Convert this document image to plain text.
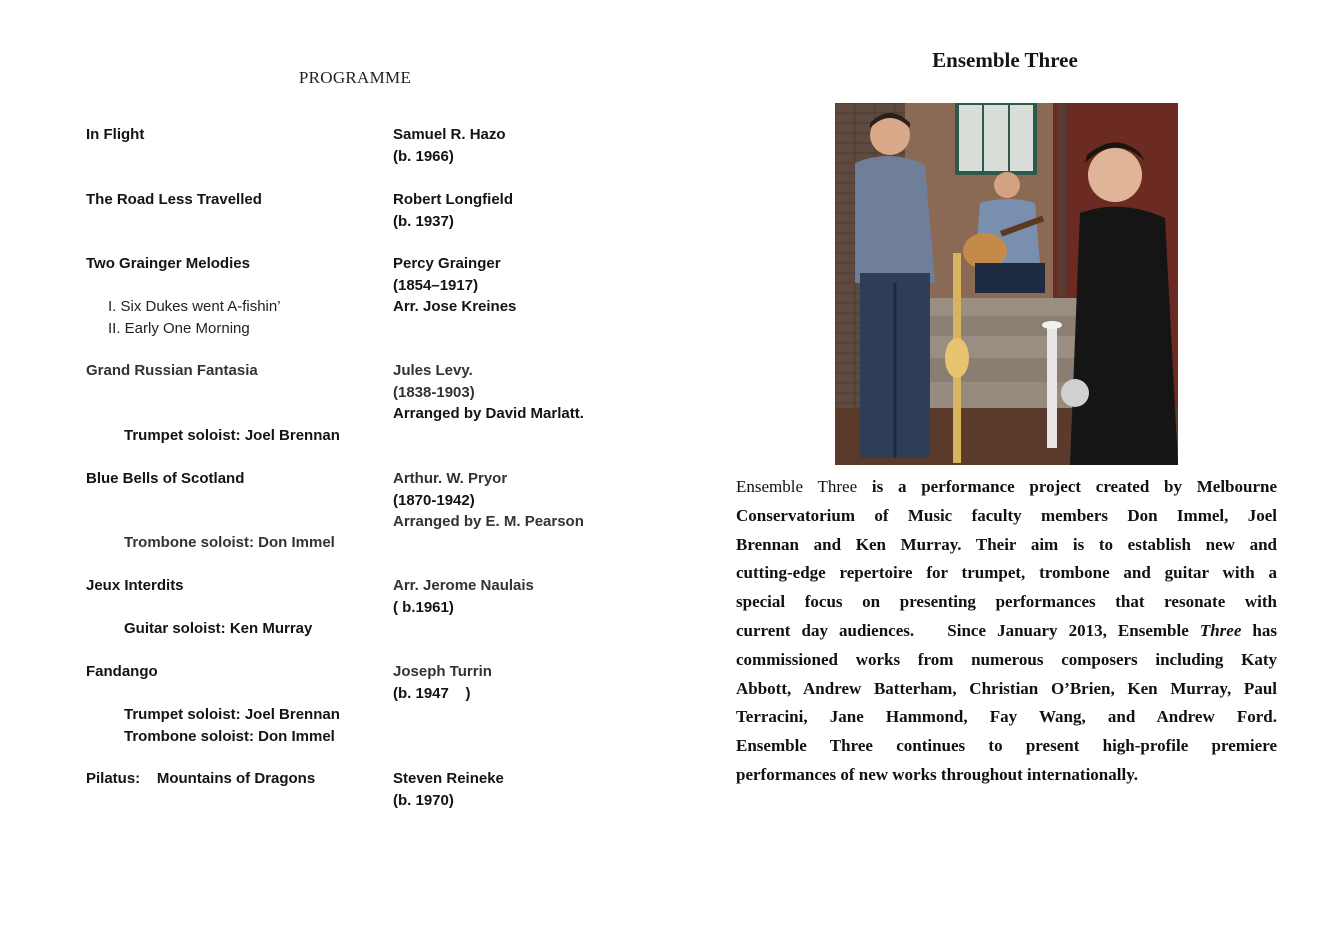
PROGRAMME
In Flight	Samuel R. Hazo
(b. 1966)
The Road Less Travelled	Robert Longfield
(b. 1937)
Two Grainger Melodies	Percy Grainger
(1854–1917)
Arr. Jose Kreines
I. Six Dukes went A-fishin’
II. Early One Morning
Grand Russian Fantasia	Jules Levy.
(1838-1903)
Arranged by David Marlatt.
Trumpet soloist: Joel Brennan
Blue Bells of Scotland	Arthur. W. Pryor
(1870-1942)
Arranged by E. M. Pearson
Trombone soloist: Don Immel
Jeux Interdits	Arr. Jerome Naulais
( b.1961)
Guitar soloist: Ken Murray
Fandango	Joseph Turrin
(b. 1947    )
Trumpet soloist: Joel Brennan
Trombone soloist: Don Immel
Pilatus:    Mountains of Dragons	Steven Reineke
(b. 1970)
Ensemble Three
Ensemble Three is a performance project created by Melbourne
Conservatorium of Music faculty members Don Immel, Joel
Brennan and Ken Murray. Their aim is to establish new and
cutting-edge repertoire for trumpet, trombone and guitar with a
special focus on presenting performances that resonate with
current day audiences.   Since January 2013, Ensemble Three has
commissioned works from numerous composers including Katy
Abbott, Andrew Batterham, Christian O’Brien, Ken Murray, Paul
Terracini, Jane Hammond, Fay Wang, and Andrew Ford.
Ensemble Three continues to present high-profile premiere
performances of new works throughout internationally.
